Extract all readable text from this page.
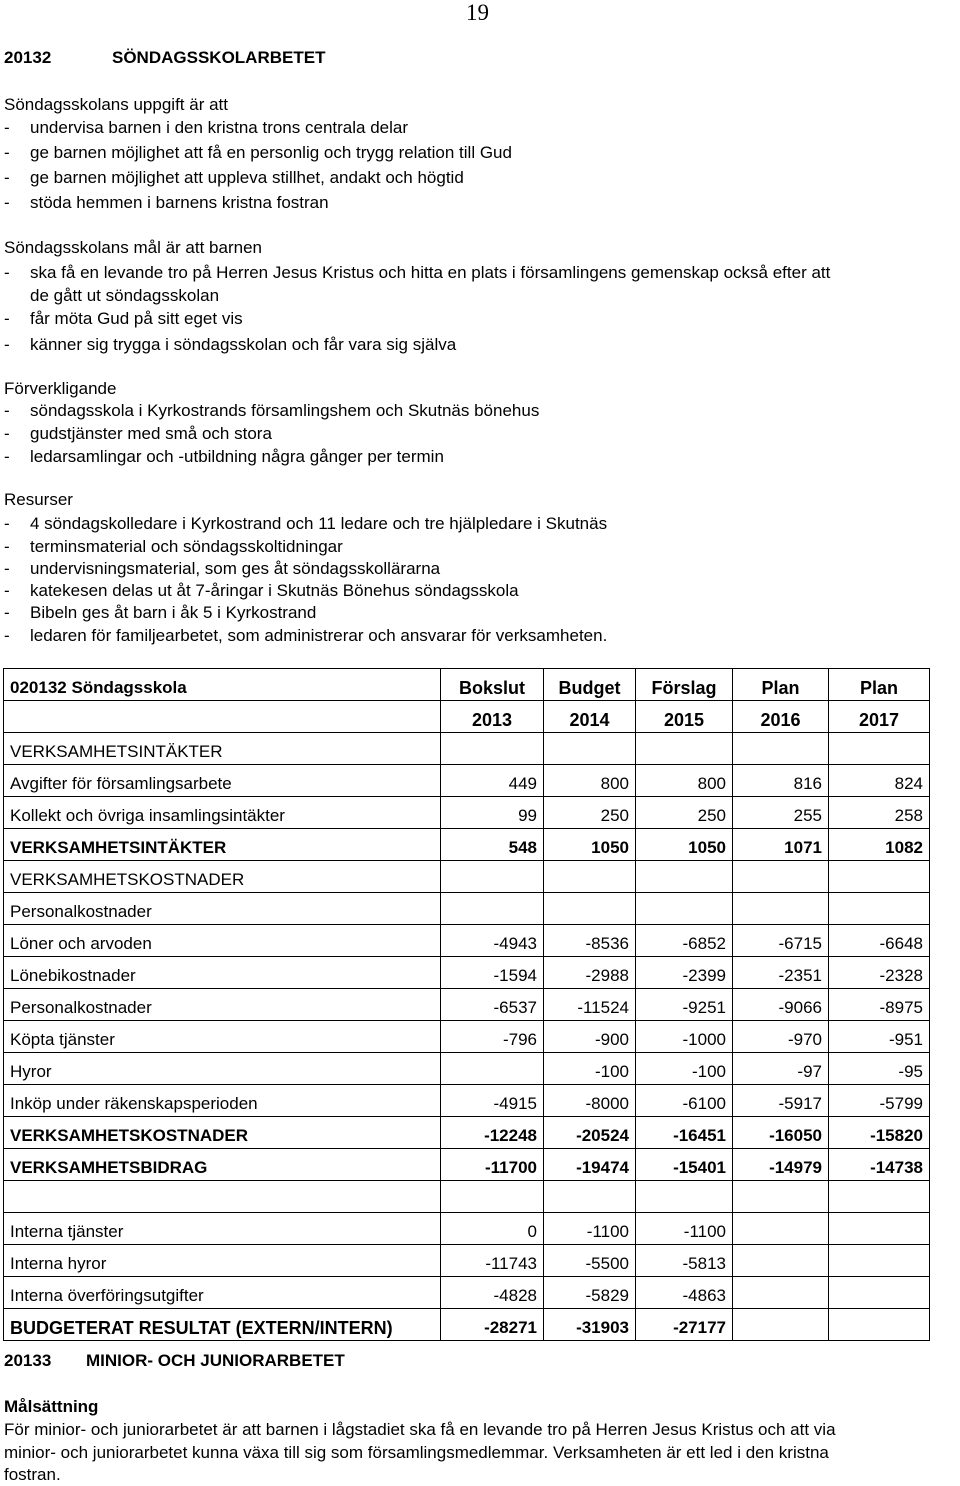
19
20132	SÖNDAGSSKOLARBETET
Söndagsskolans uppgift är att
- undervisa barnen i den kristna trons centrala delar
- ge barnen möjlighet att få en personlig och trygg relation till Gud
- ge barnen möjlighet att uppleva stillhet, andakt och högtid
- stöda hemmen i barnens kristna fostran
Söndagsskolans mål är att barnen
- ska få en levande tro på Herren Jesus Kristus och hitta en plats i församlingens gemenskap också efter att
de gått ut söndagsskolan
- får möta Gud på sitt eget vis
- känner sig trygga i söndagsskolan och får vara sig själva
Förverkligande
- söndagsskola i Kyrkostrands församlingshem och Skutnäs bönehus
- gudstjänster med små och stora
- ledarsamlingar och -utbildning några gånger per termin
Resurser
- 4 söndagskolledare i Kyrkostrand och 11 ledare och tre hjälpledare i Skutnäs
- terminsmaterial och söndagsskoltidningar
- undervisningsmaterial, som ges åt söndagsskollärarna
- katekesen delas ut åt 7-åringar i Skutnäs Bönehus söndagsskola
- Bibeln ges åt barn i åk 5 i Kyrkostrand
- ledaren för familjearbetet, som administrerar och ansvarar för verksamheten.
020132 Söndagsskola	Bokslut	Budget	Förslag	Plan	Plan
	2013	2014	2015	2016	2017
VERKSAMHETSINTÄKTER					
Avgifter för församlingsarbete	449	800	800	816	824
Kollekt och övriga insamlingsintäkter	99	250	250	255	258
VERKSAMHETSINTÄKTER	548	1050	1050	1071	1082
VERKSAMHETSKOSTNADER					
Personalkostnader					
Löner och arvoden	-4943	-8536	-6852	-6715	-6648
Lönebikostnader	-1594	-2988	-2399	-2351	-2328
Personalkostnader	-6537	-11524	-9251	-9066	-8975
Köpta tjänster	-796	-900	-1000	-970	-951
Hyror		-100	-100	-97	-95
Inköp under räkenskapsperioden	-4915	-8000	-6100	-5917	-5799
VERKSAMHETSKOSTNADER	-12248	-20524	-16451	-16050	-15820
VERKSAMHETSBIDRAG	-11700	-19474	-15401	-14979	-14738

Interna tjänster	0	-1100	-1100		
Interna hyror	-11743	-5500	-5813		
Interna överföringsutgifter	-4828	-5829	-4863		
BUDGETERAT RESULTAT (EXTERN/INTERN)	-28271	-31903	-27177		
20133 MINIOR- OCH JUNIORARBETET
Målsättning
För minior- och juniorarbetet är att barnen i lågstadiet ska få en levande tro på Herren Jesus Kristus och att via
minior- och juniorarbetet kunna växa till sig som församlingsmedlemmar. Verksamheten är ett led i den kristna
fostran.
